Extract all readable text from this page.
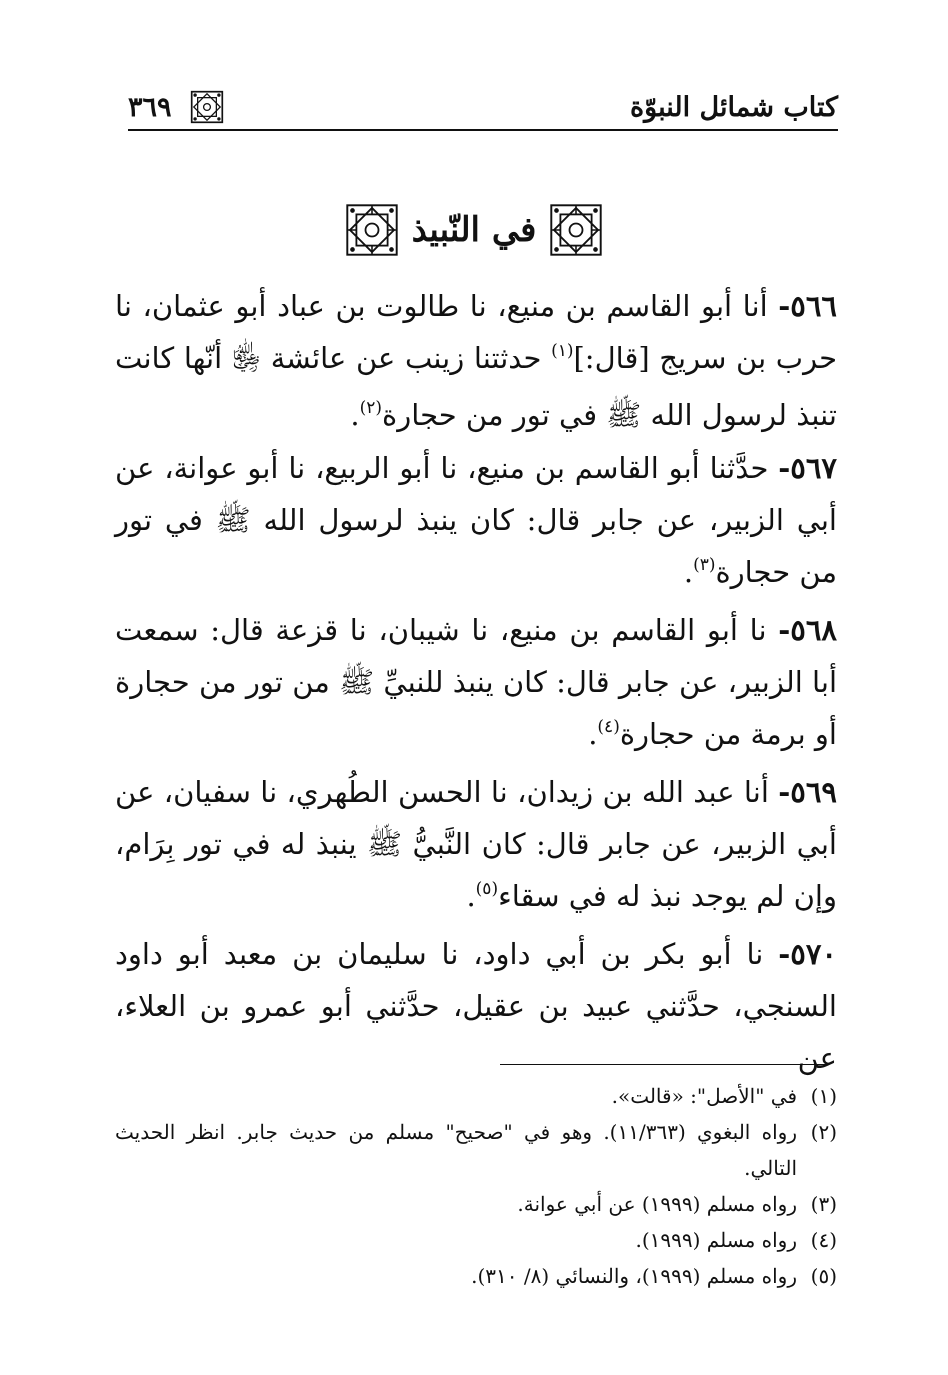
كتاب شمائل النبوّة
٣٦٩
في النّبيذ

٥٦٦- أنا أبو القاسم بن منيع، نا طالوت بن عباد أبو عثمان، نا حرب بن سريج [قال:]$^{(١)}$ حدثتنا زينب عن عائشة ﵂ أنّها كانت تنبذ لرسول الله ﷺ في تور من حجارة$^{(٢)}$.

٥٦٧- حدَّثنا أبو القاسم بن منيع، نا أبو الربيع، نا أبو عوانة، عن أبي الزبير، عن جابر قال: كان ينبذ لرسول الله ﷺ في تور من حجارة$^{(٣)}$.

٥٦٨- نا أبو القاسم بن منيع، نا شيبان، نا قزعة قال: سمعت أبا الزبير، عن جابر قال: كان ينبذ للنبيِّ ﷺ من تور من حجارة أو برمة من حجارة$^{(٤)}$.

٥٦٩- أنا عبد الله بن زيدان، نا الحسن الطُهري، نا سفيان، عن أبي الزبير، عن جابر قال: كان النَّبيُّ ﷺ ينبذ له في تور بِرَام، وإن لم يوجد نبذ له في سقاء$^{(٥)}$.

٥٧٠- نا أبو بكر بن أبي داود، نا سليمان بن معبد أبو داود السنجي، حدَّثني عبيد بن عقيل، حدَّثني أبو عمرو بن العلاء، عن

(١)
في "الأصل": «قالت».
(٢)
رواه البغوي (١١/٣٦٣). وهو في "صحيح" مسلم من حديث جابر. انظر الحديث التالي.
(٣)
رواه مسلم (١٩٩٩) عن أبي عوانة.
(٤)
رواه مسلم (١٩٩٩).
(٥)
رواه مسلم (١٩٩٩)، والنسائي (٨/ ٣١٠).
